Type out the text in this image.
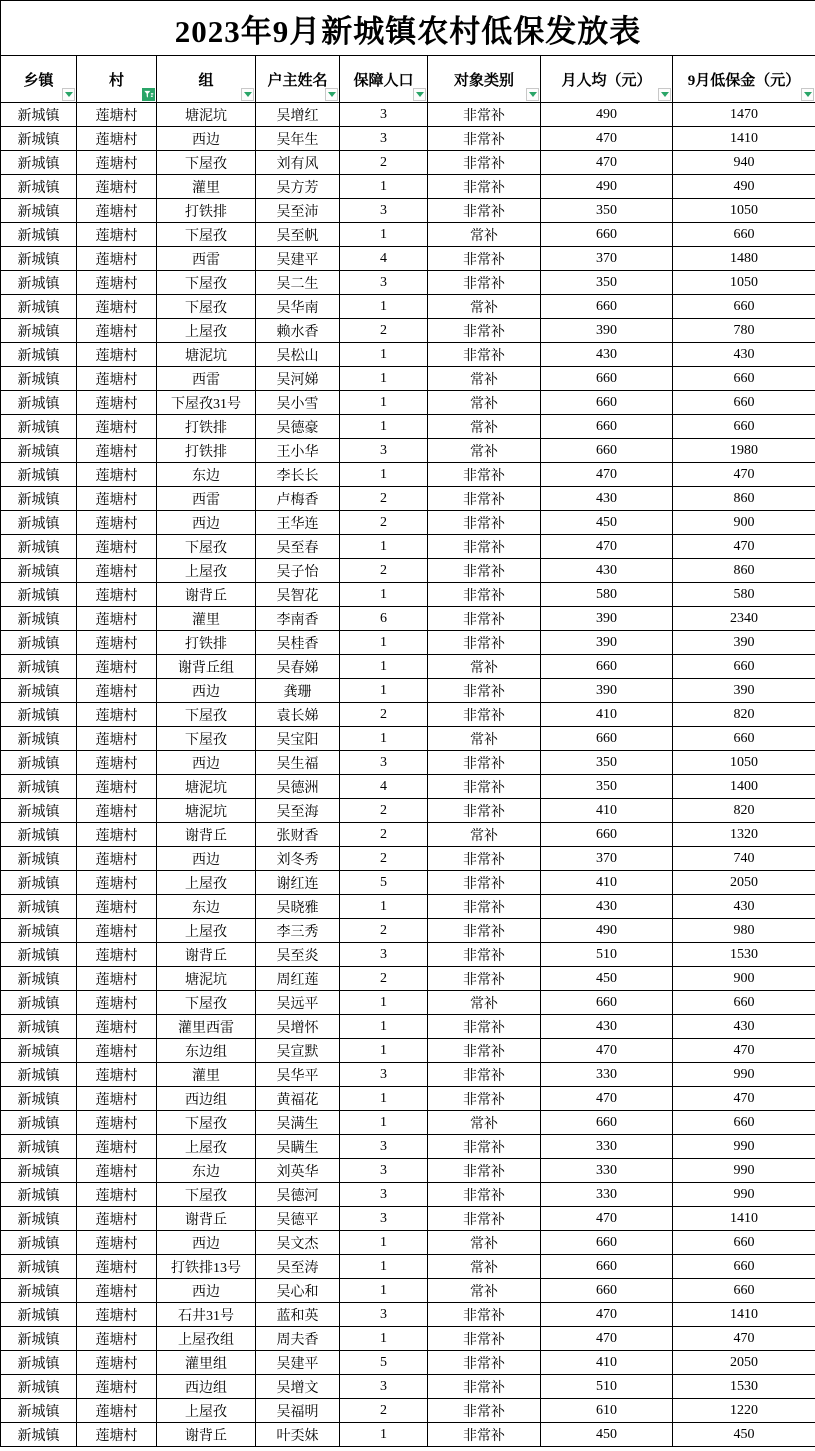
2023年9月新城镇农村低保发放表							
乡镇	村	组	户主姓名	保障人口	对象类别	月人均（元）	9月低保金（元）

新城镇	莲塘村	塘泥坑	吴增红	3	非常补	490	1470
新城镇	莲塘村	西边	吴年生	3	非常补	470	1410
新城镇	莲塘村	下屋孜	刘有风	2	非常补	470	940
新城镇	莲塘村	灌里	吴方芳	1	非常补	490	490
新城镇	莲塘村	打铁排	吴至沛	3	非常补	350	1050
新城镇	莲塘村	下屋孜	吴至帆	1	常补	660	660
新城镇	莲塘村	西雷	吴建平	4	非常补	370	1480
新城镇	莲塘村	下屋孜	吴二生	3	非常补	350	1050
新城镇	莲塘村	下屋孜	吴华南	1	常补	660	660
新城镇	莲塘村	上屋孜	赖水香	2	非常补	390	780
新城镇	莲塘村	塘泥坑	吴松山	1	非常补	430	430
新城镇	莲塘村	西雷	吴河娣	1	常补	660	660
新城镇	莲塘村	下屋孜31号	吴小雪	1	常补	660	660
新城镇	莲塘村	打铁排	吴德豪	1	常补	660	660
新城镇	莲塘村	打铁排	王小华	3	常补	660	1980
新城镇	莲塘村	东边	李长长	1	非常补	470	470
新城镇	莲塘村	西雷	卢梅香	2	非常补	430	860
新城镇	莲塘村	西边	王华连	2	非常补	450	900
新城镇	莲塘村	下屋孜	吴至春	1	非常补	470	470
新城镇	莲塘村	上屋孜	吴子怡	2	非常补	430	860
新城镇	莲塘村	谢背丘	吴智花	1	非常补	580	580
新城镇	莲塘村	灌里	李南香	6	非常补	390	2340
新城镇	莲塘村	打铁排	吴桂香	1	非常补	390	390
新城镇	莲塘村	谢背丘组	吴春娣	1	常补	660	660
新城镇	莲塘村	西边	龚珊	1	非常补	390	390
新城镇	莲塘村	下屋孜	袁长娣	2	非常补	410	820
新城镇	莲塘村	下屋孜	吴宝阳	1	常补	660	660
新城镇	莲塘村	西边	吴生福	3	非常补	350	1050
新城镇	莲塘村	塘泥坑	吴德洲	4	非常补	350	1400
新城镇	莲塘村	塘泥坑	吴至海	2	非常补	410	820
新城镇	莲塘村	谢背丘	张财香	2	常补	660	1320
新城镇	莲塘村	西边	刘冬秀	2	非常补	370	740
新城镇	莲塘村	上屋孜	谢红连	5	非常补	410	2050
新城镇	莲塘村	东边	吴晓雅	1	非常补	430	430
新城镇	莲塘村	上屋孜	李三秀	2	非常补	490	980
新城镇	莲塘村	谢背丘	吴至炎	3	非常补	510	1530
新城镇	莲塘村	塘泥坑	周红莲	2	非常补	450	900
新城镇	莲塘村	下屋孜	吴远平	1	常补	660	660
新城镇	莲塘村	灌里西雷	吴增怀	1	非常补	430	430
新城镇	莲塘村	东边组	吴宣默	1	非常补	470	470
新城镇	莲塘村	灌里	吴华平	3	非常补	330	990
新城镇	莲塘村	西边组	黄福花	1	非常补	470	470
新城镇	莲塘村	下屋孜	吴满生	1	常补	660	660
新城镇	莲塘村	上屋孜	吴瞒生	3	非常补	330	990
新城镇	莲塘村	东边	刘英华	3	非常补	330	990
新城镇	莲塘村	下屋孜	吴德河	3	非常补	330	990
新城镇	莲塘村	谢背丘	吴德平	3	非常补	470	1410
新城镇	莲塘村	西边	吴文杰	1	常补	660	660
新城镇	莲塘村	打铁排13号	吴至涛	1	常补	660	660
新城镇	莲塘村	西边	吴心和	1	常补	660	660
新城镇	莲塘村	石井31号	蓝和英	3	非常补	470	1410
新城镇	莲塘村	上屋孜组	周夫香	1	非常补	470	470
新城镇	莲塘村	灌里组	吴建平	5	非常补	410	2050
新城镇	莲塘村	西边组	吴增文	3	非常补	510	1530
新城镇	莲塘村	上屋孜	吴福明	2	非常补	610	1220
新城镇	莲塘村	谢背丘	叶奀妹	1	非常补	450	450
